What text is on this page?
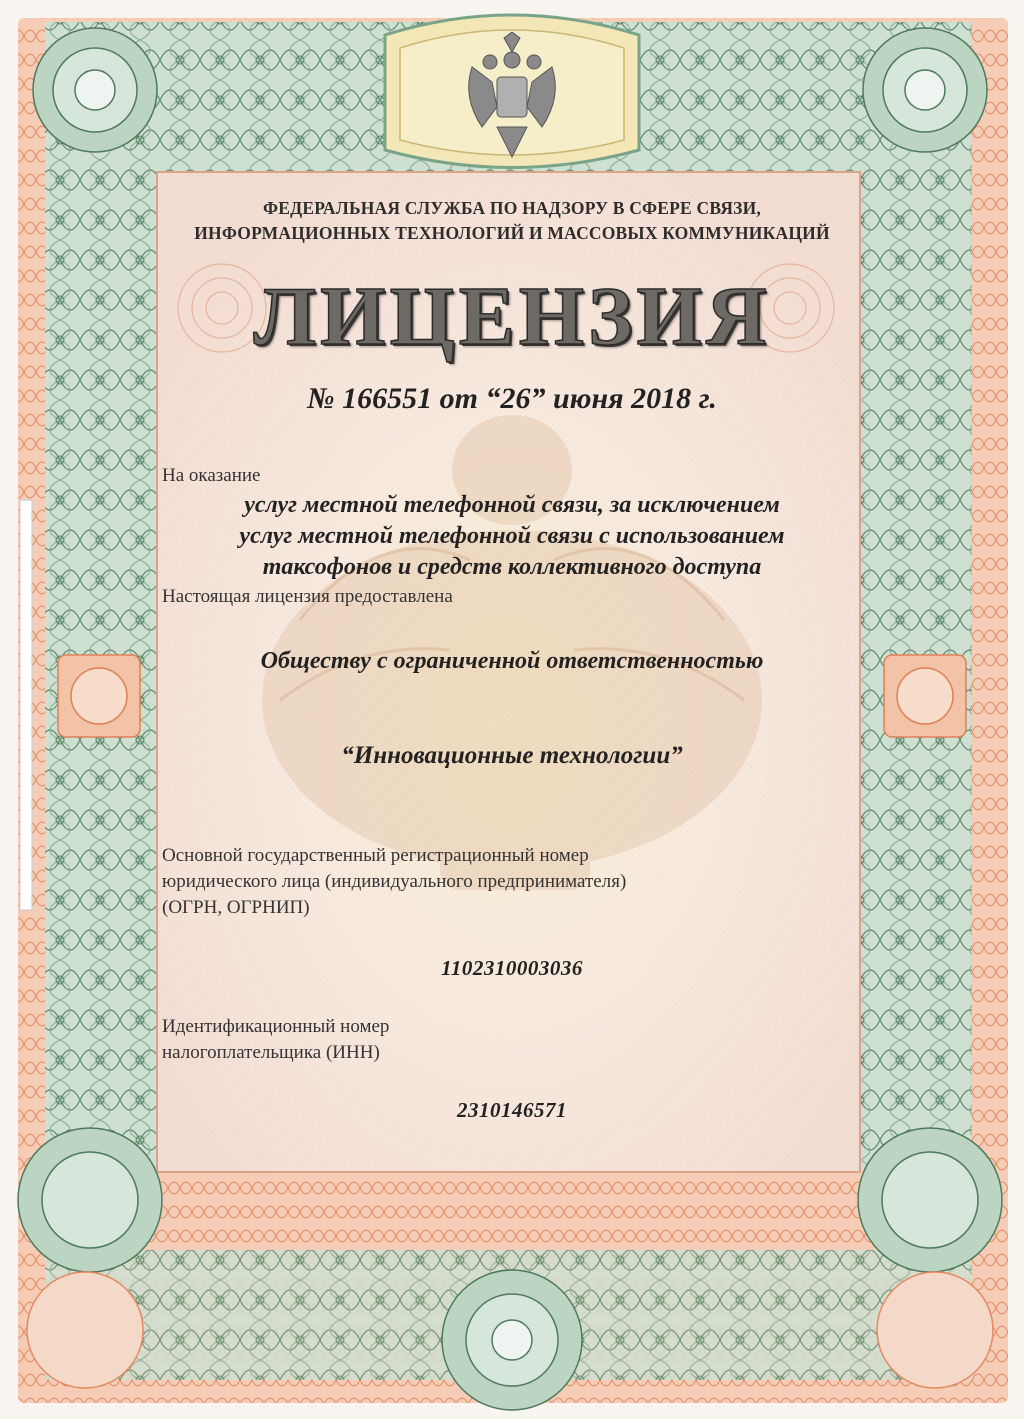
ФЕДЕРАЛЬНАЯ СЛУЖБА ПО НАДЗОРУ В СФЕРЕ СВЯЗИ,
ИНФОРМАЦИОННЫХ ТЕХНОЛОГИЙ И МАССОВЫХ КОММУНИКАЦИЙ
ЛИЦЕНЗИЯ
№ 166551 от “26” июня 2018 г.
На оказание
услуг местной телефонной связи, за исключением
услуг местной телефонной связи с использованием
таксофонов и средств коллективного доступа
Настоящая лицензия предоставлена
Обществу с ограниченной ответственностью
“Инновационные технологии”
Основной государственный регистрационный номер
юридического лица (индивидуального предпринимателя)
(ОГРН, ОГРНИП)
1102310003036
Идентификационный номер
налогоплательщика (ИНН)
2310146571
